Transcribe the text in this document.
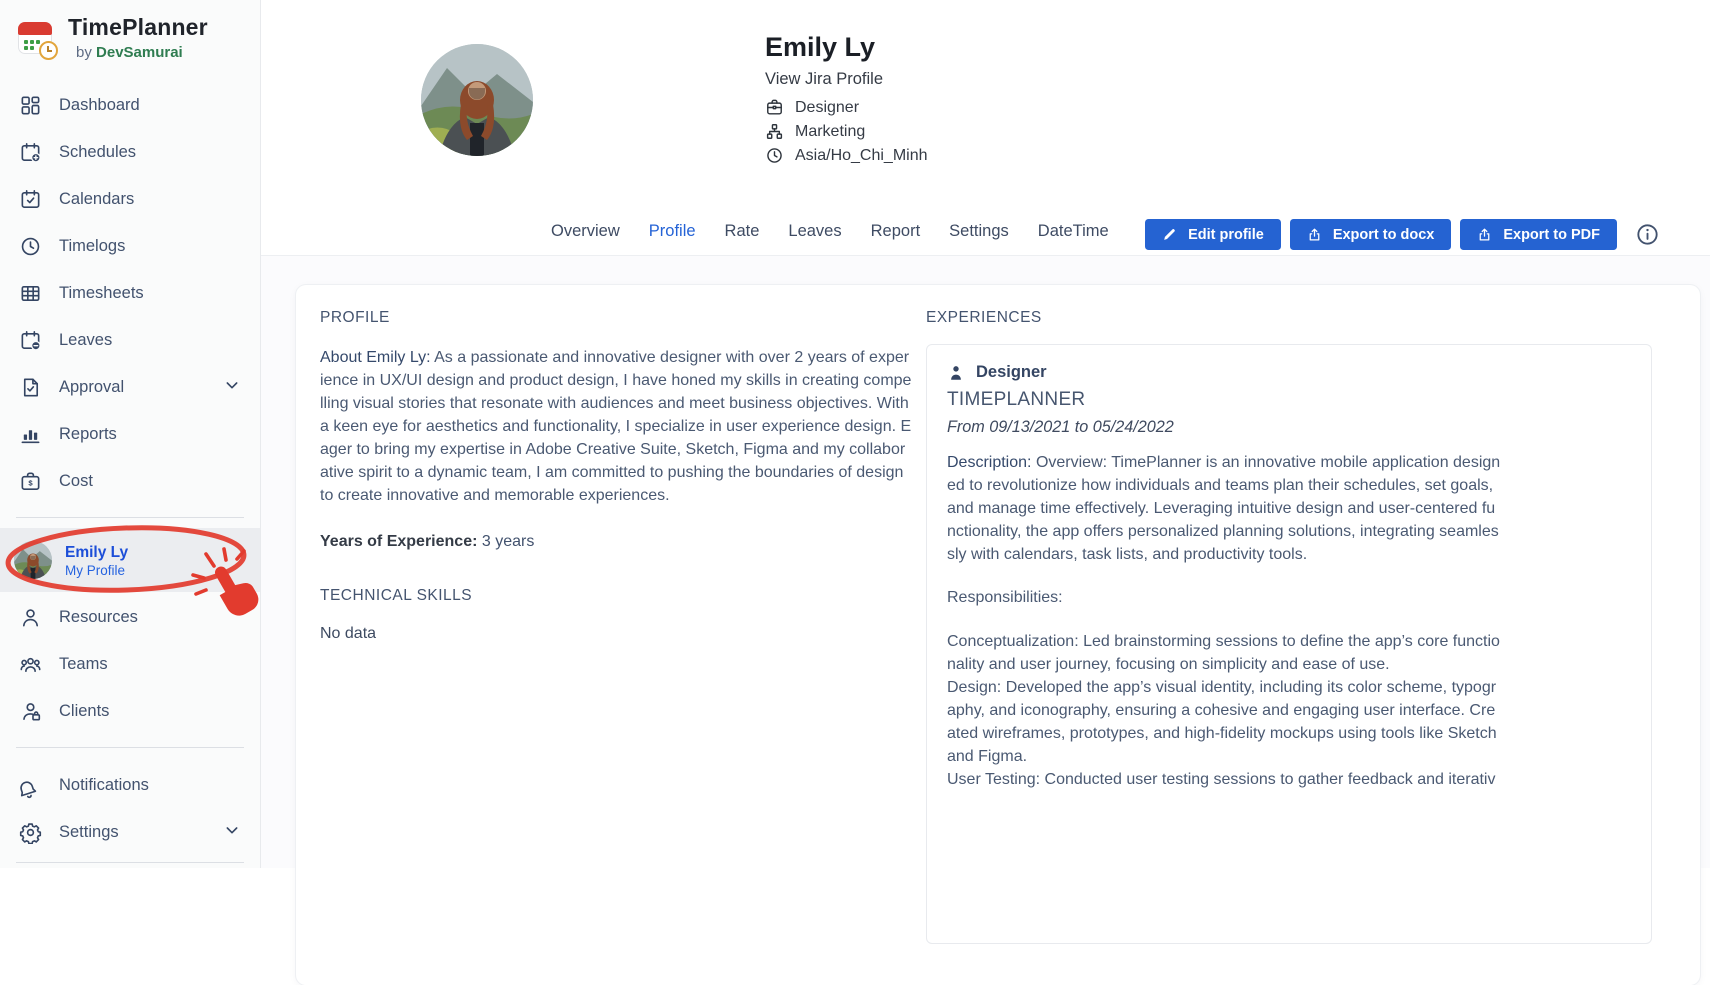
TimePlanner
by DevSamurai
Dashboard
Schedules
Calendars
Timelogs
Timesheets
Leaves
Approval
Reports
$ Cost
Emily Ly
My Profile
Resources
Teams
Clients
Notifications
Settings
Emily Ly
View Jira Profile
Designer
Marketing
Asia/Ho_Chi_Minh
Overview Profile Rate Leaves Report Settings DateTime	Edit profile	Export to docx	Export to PDF
PROFILE

About Emily Ly: As a passionate and innovative designer with over 2 years of experience in UX/UI design and product design, I have honed my skills in creating compelling visual stories that resonate with audiences and meet business objectives. With a keen eye for aesthetics and functionality, I specialize in user experience design. Eager to bring my expertise in Adobe Creative Suite, Sketch, Figma and my collaborative spirit to a dynamic team, I am committed to pushing the boundaries of design to create innovative and memorable experiences.

Years of Experience: 3 years
TECHNICAL SKILLS
No data
EXPERIENCES
Designer
TIMEPLANNER
From 09/13/2021 to 05/24/2022

Description: Overview: TimePlanner is an innovative mobile application designed to revolutionize how individuals and teams plan their schedules, set goals, and manage time effectively. Leveraging intuitive design and user-centered functionality, the app offers personalized planning solutions, integrating seamlessly with calendars, task lists, and productivity tools.

Responsibilities:
Conceptualization: Led brainstorming sessions to define the app’s core functionality and user journey, focusing on simplicity and ease of use.
Design: Developed the app’s visual identity, including its color scheme, typography, and iconography, ensuring a cohesive and engaging user interface. Created wireframes, prototypes, and high-fidelity mockups using tools like Sketch and Figma.
User Testing: Conducted user testing sessions to gather feedback and iterativ
